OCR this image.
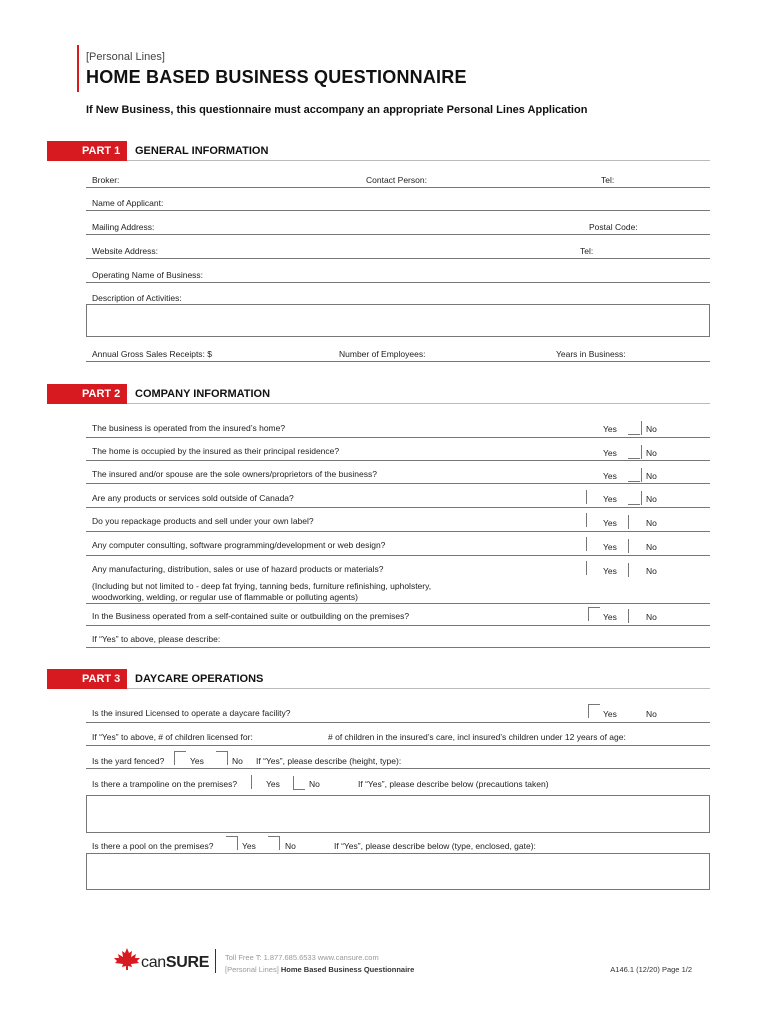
[Personal Lines]
HOME BASED BUSINESS QUESTIONNAIRE
If New Business, this questionnaire must accompany an appropriate Personal Lines Application
PART 1	GENERAL INFORMATION
Broker:	Contact Person:	Tel:
Name of Applicant:
Mailing Address:	Postal Code:
Website Address:	Tel:
Operating Name of Business:
Description of Activities:
Annual Gross Sales Receipts: $	Number of Employees:	Years in Business:
PART 2	COMPANY INFORMATION
The business is operated from the insured’s home?	Yes	No
The home is occupied by the insured as their principal residence?	Yes	No
The insured and/or spouse are the sole owners/proprietors of the business?	Yes	No
Are any products or services sold outside of Canada?	Yes	No
Do you repackage products and sell under your own label?	Yes	No
Any computer consulting, software programming/development or web design?	Yes	No
Any manufacturing, distribution, sales or use of hazard products or materials?	Yes	No
(Including but not limited to - deep fat frying, tanning beds, furniture refinishing, upholstery,
woodworking, welding, or regular use of flammable or polluting agents)
In the Business operated from a self-contained suite or outbuilding on the premises?	Yes	No
If “Yes” to above, please describe:
PART 3	DAYCARE OPERATIONS
Is the insured Licensed to operate a daycare facility?	Yes	No
If “Yes” to above, # of children licensed for:	# of children in the insured’s care, incl insured’s children under 12 years of age:
Is the yard fenced?	Yes	No If “Yes”, please describe (height, type):
Is there a trampoline on the premises?	Yes	No	If “Yes”, please describe below (precautions taken)
Is there a pool on the premises?	Yes	No	If “Yes”, please describe below (type, enclosed, gate):
canSURE Toll Free T: 1.877.685.6533 www.cansure.com
[Personal Lines] Home Based Business Questionnaire	A146.1 (12/20) Page 1/2
